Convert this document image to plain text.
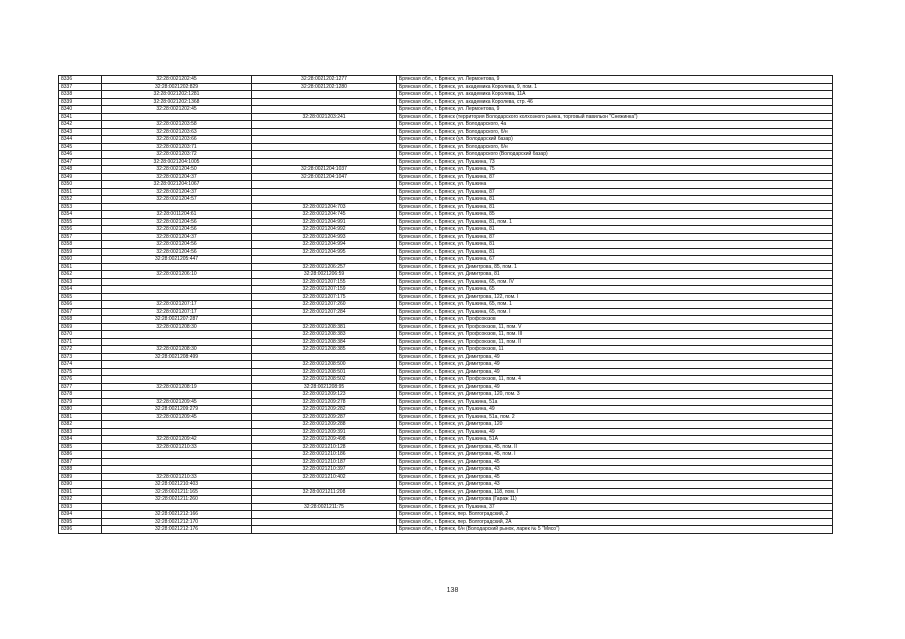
8336	32:28:0021202:45	32:28:0021202:1277	Брянская обл., г. Брянск, ул. Лермонтова, 9
8337	32:28:0021202:829	32:28:0021202:1280	Брянская обл., г. Брянск, ул. академика Королева, 9, пом. 1
8338	32:28:0021202:1281		Брянская обл., г. Брянск, ул. академика Королева, 11А
8339	32:28:0021202:1368		Брянская обл., г. Брянск, ул. академика Королева, стр. 46
8340	32:28:0021202:45		Брянская обл., г. Брянск, ул. Лермонтова, 9
8341		32:28:0021203:241	Брянская обл., г. Брянск (территория Володарского колхозного рынка, торговый павильон "Снежинка")
8342	32:28:0021203:58		Брянская обл., г. Брянск, ул. Володарского, 4а
8343	32:28:0021203:63		Брянская обл., г. Брянск, ул. Володарского, б/н
8344	32:28:0021203:66		Брянская обл., г. Брянск (ул. Володарский базар)
8345	32:28:0021203:71		Брянская обл., г. Брянск, ул. Володарского, б/н
8346	32:28:0021203:72		Брянская обл., г. Брянск, ул. Володарского (Володарский базар)
8347	32:28:0021204:1005		Брянская обл., г. Брянск, ул. Пушкина, 73
8348	32:28:0021204:50	32:28:0021204:1037	Брянская обл., г. Брянск, ул. Пушкина, 75
8349	32:28:0021204:37	32:28:0021204:1047	Брянская обл., г. Брянск, ул. Пушкина, 87
8350	32:28:0021204:1067		Брянская обл., г. Брянск, ул. Пушкина
8351	32:28:0021204:37		Брянская обл., г. Брянск, ул. Пушкина, 87
8352	32:28:0021204:57		Брянская обл., г. Брянск, ул. Пушкина, 81
8353		32:28:0021204:703	Брянская обл., г. Брянск, ул. Пушкина, 81
8354	32:28:0011204:61	32:28:0021204:745	Брянская обл., г. Брянск, ул. Пушкина, 85
8355	32:28:0021204:56	32:28:0021204:991	Брянская обл., г. Брянск, ул. Пушкина, 81, пом. 1
8356	32:28:0021204:56	32:28:0021204:992	Брянская обл., г. Брянск, ул. Пушкина, 81
8357	32:28:0021204:37	32:28:0021204:993	Брянская обл., г. Брянск, ул. Пушкина, 87
8358	32:28:0021204:56	32:28:0021204:994	Брянская обл., г. Брянск, ул. Пушкина, 81
8359	32:28:0021204:56	32:28:0021204:995	Брянская обл., г. Брянск, ул. Пушкина, 81
8360	32:28:0021205:447		Брянская обл., г. Брянск, ул. Пушкина, 67
8361		32:28:0021206:257	Брянская обл., г. Брянск, ул. Димитрова, 85, пом. 1
8362	32:28:0021206:10	32:28:0021206:59	Брянская обл., г. Брянск, ул. Димитрова, 81
8363		32:28:0021207:155	Брянская обл., г. Брянск, ул. Пушкина, 65, пом. IV
8364		32:28:0021207:159	Брянская обл., г. Брянск, ул. Пушкина, 65
8365		32:28:0021207:175	Брянская обл., г. Брянск, ул. Димитрова, 122, пом. I
8366	32:28:0021207:17	32:28:0021207:260	Брянская обл., г. Брянск, ул. Пушкина, 65, пом. 1
8367	32:28:0021207:17	32:28:0021207:284	Брянская обл., г. Брянск, ул. Пушкина, 65, пом. I
8368	32:28:0021207:287		Брянская обл., г. Брянск, ул. Профсоюзов
8369	32:28:0021208:30	32:28:0021208:381	Брянская обл., г. Брянск, ул. Профсоюзов, 11, пом. V
8370		32:28:0021208:383	Брянская обл., г. Брянск, ул. Профсоюзов, 11, пом. III
8371		32:28:0021208:384	Брянская обл., г. Брянск, ул. Профсоюзов, 11, пом. II
8372	32:28:0021208:30	32:28:0021208:385	Брянская обл., г. Брянск, ул. Профсоюзов, 11
8373	32:28:0021208:499		Брянская обл., г. Брянск, ул. Димитрова, 49
8374		32:28:0021208:500	Брянская обл., г. Брянск, ул. Димитрова, 49
8375		32:28:0021208:501	Брянская обл., г. Брянск, ул. Димитрова, 49
8376		32:28:0021208:502	Брянская обл., г. Брянск, ул. Профсоюзов, 11, пом. 4
8377	32:28:0021208:19	32:28:0021208:95	Брянская обл., г. Брянск, ул. Димитрова, 49
8378		32:28:0021209:123	Брянская обл., г. Брянск, ул. Димитрова, 120, пом. 3
8379	32:28:0021209:45	32:28:0021209:278	Брянская обл., г. Брянск, ул. Пушкина, 51а
8380	32:28:0021209:279	32:28:0021209:282	Брянская обл., г. Брянск, ул. Пушкина, 49
8381	32:28:0021209:45	32:28:0021209:287	Брянская обл., г. Брянск, ул. Пушкина, 51а, пом. 2
8382		32:28:0021209:288	Брянская обл., г. Брянск, ул. Димитрова, 120
8383		32:28:0021209:391	Брянская обл., г. Брянск, ул. Пушкина, 49
8384	32:28:0021209:42	32:28:0021209:498	Брянская обл., г. Брянск, ул. Пушкина, 51А
8385	32:28:0021210:33	32:28:0021210:128	Брянская обл., г. Брянск, ул. Димитрова, 45, пом. II
8386		32:28:0021210:186	Брянская обл., г. Брянск, ул. Димитрова, 45, пом. I
8387		32:28:0021210:187	Брянская обл., г. Брянск, ул. Димитрова, 45
8388		32:28:0021210:397	Брянская обл., г. Брянск, ул. Димитрова, 43
8389	32:28:0021210:33	32:28:0021210:402	Брянская обл., г. Брянск, ул. Димитрова, 45
8390	32:28:0021210:403		Брянская обл., г. Брянск, ул. Димитрова, 43
8391	32:28:0021211:165	32:28:0021211:208	Брянская обл., г. Брянск, ул. Димитрова, 118, пом. I
8392	32:28:0021211:260		Брянская обл., г. Брянск, ул. Димитрова (Гараж 11)
8393		32:28:0021211:75	Брянская обл., г. Брянск, ул. Пушкина, 37
8394	32:28:0021212:166		Брянская обл., г. Брянск, пер. Волгоградский, 2
8395	32:28:0021212:170		Брянская обл., г. Брянск, пер. Волгоградский, 2А
8396	32:28:0021212:176		Брянская обл., г. Брянск, б/н (Володарский рынок, ларек № 5 "Мясо")
138
